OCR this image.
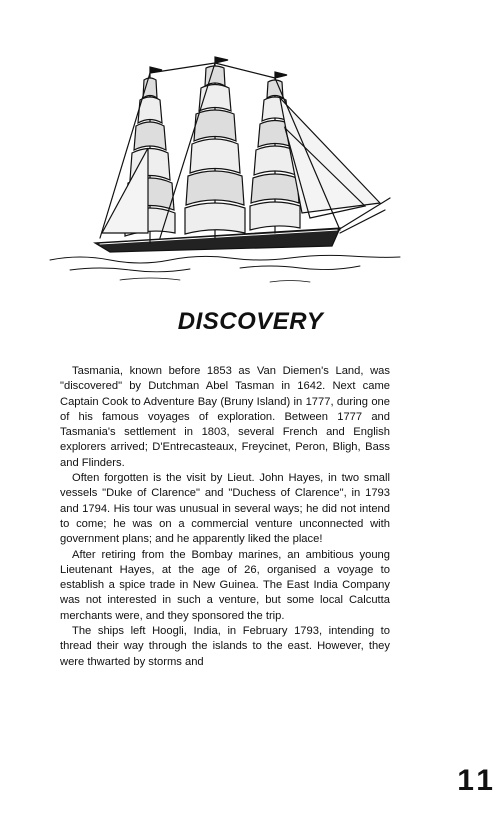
DISCOVERY

Tasmania, known before 1853 as Van Diemen's Land, was "discovered" by Dutchman Abel Tasman in 1642. Next came Captain Cook to Adventure Bay (Bruny Island) in 1777, during one of his famous voyages of exploration. Between 1777 and Tasmania's settlement in 1803, several French and English explorers arrived; D'Entrecasteaux, Freycinet, Peron, Bligh, Bass and Flinders.

Often forgotten is the visit by Lieut. John Hayes, in two small vessels "Duke of Clarence" and "Duchess of Clarence", in 1793 and 1794. His tour was unusual in several ways; he did not intend to come; he was on a commercial venture unconnected with government plans; and he apparently liked the place!

After retiring from the Bombay marines, an ambitious young Lieutenant Hayes, at the age of 26, organised a voyage to establish a spice trade in New Guinea. The East India Company was not interested in such a venture, but some local Calcutta merchants were, and they sponsored the trip.

The ships left Hoogli, India, in February 1793, intending to thread their way through the islands to the east. However, they were thwarted by storms and

11
